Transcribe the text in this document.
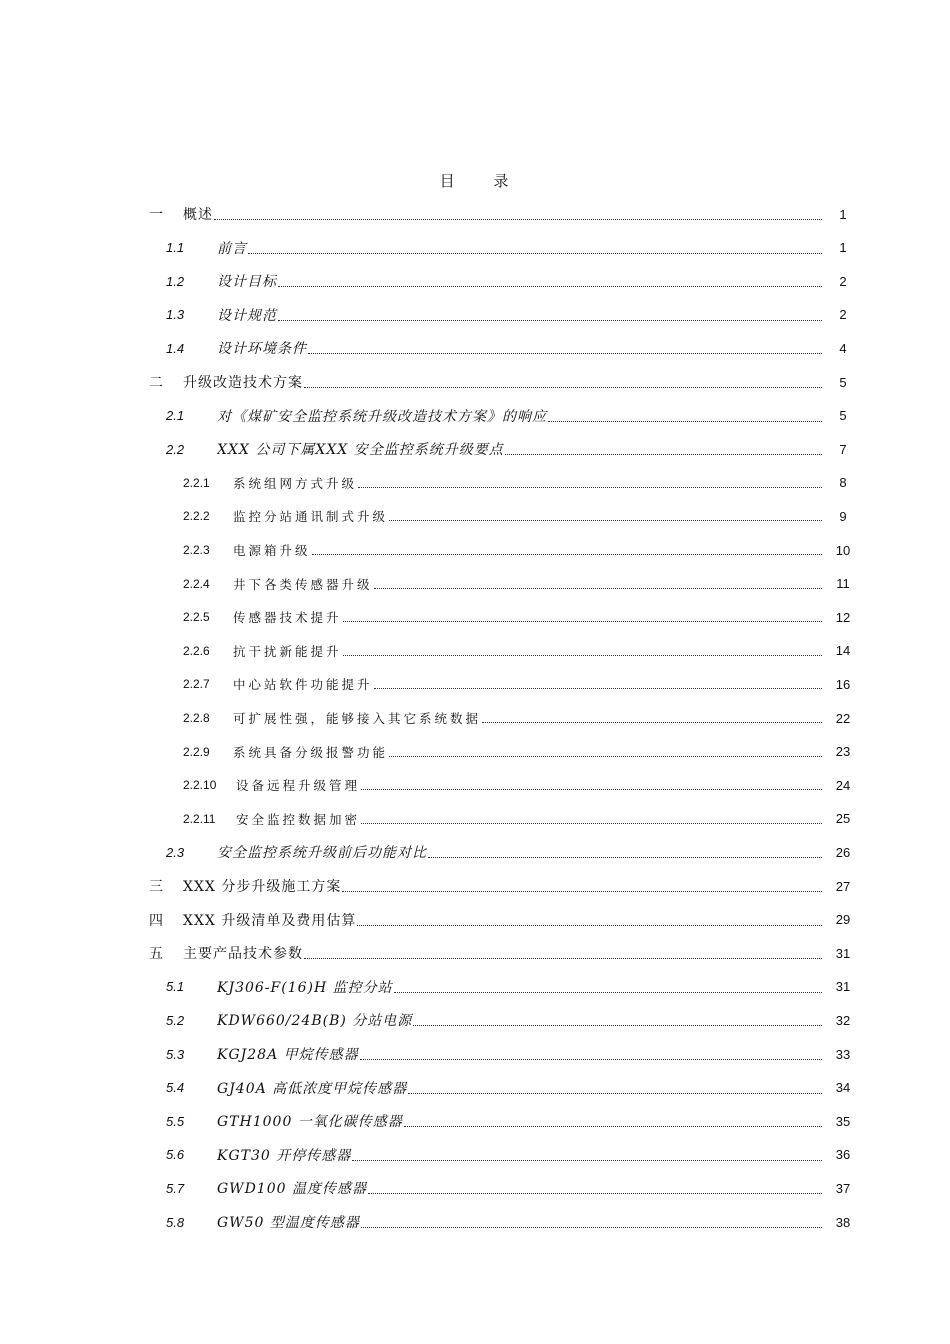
目 录
一 概述	1
1.1 前言	1
1.2 设计目标	2
1.3 设计规范	2
1.4 设计环境条件	4
二 升级改造技术方案	5
2.1 对《煤矿安全监控系统升级改造技术方案》的响应	5
2.2 XXX 公司下属XXX 安全监控系统升级要点	7
2.2.1 系统组网方式升级	8
2.2.2 监控分站通讯制式升级	9
2.2.3 电源箱升级	10
2.2.4 井下各类传感器升级	11
2.2.5 传感器技术提升	12
2.2.6 抗干扰新能提升	14
2.2.7 中心站软件功能提升	16
2.2.8 可扩展性强，能够接入其它系统数据	22
2.2.9 系统具备分级报警功能	23
2.2.10 设备远程升级管理	24
2.2.11 安全监控数据加密	25
2.3 安全监控系统升级前后功能对比	26
三 XXX 分步升级施工方案	27
四 XXX 升级清单及费用估算	29
五 主要产品技术参数	31
5.1 KJ306-F(16)H 监控分站	31
5.2 KDW660/24B(B) 分站电源	32
5.3 KGJ28A 甲烷传感器	33
5.4 GJ40A 高低浓度甲烷传感器	34
5.5 GTH1000 一氧化碳传感器	35
5.6 KGT30 开停传感器	36
5.7 GWD100 温度传感器	37
5.8 GW50 型温度传感器	38
